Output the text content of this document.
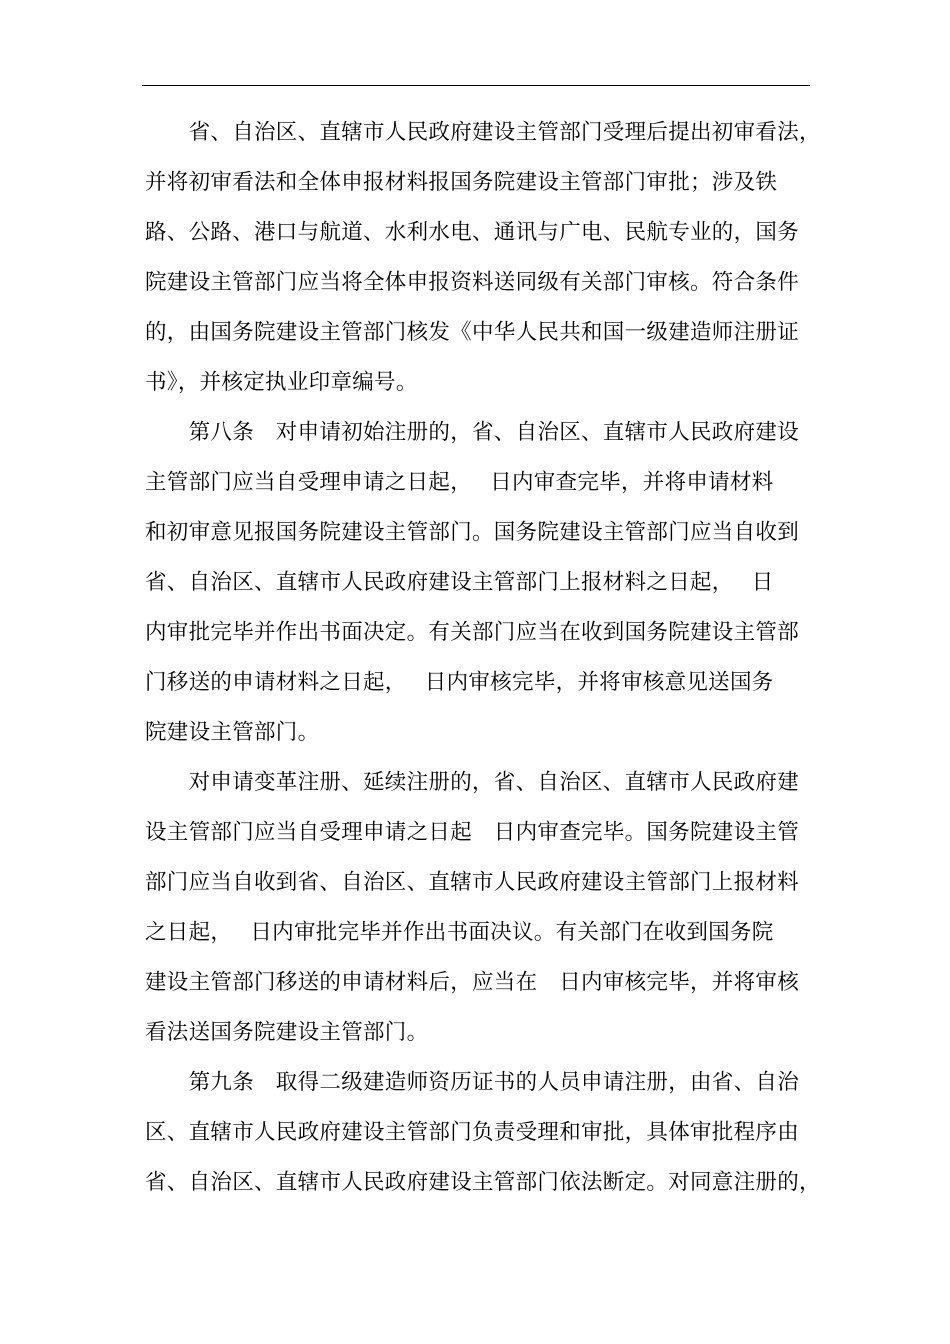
　　省、自治区、直辖市人民政府建设主管部门受理后提出初审看法，
并将初审看法和全体申报材料报国务院建设主管部门审批；涉及铁
路、公路、港口与航道、水利水电、通讯与广电、民航专业的，国务
院建设主管部门应当将全体申报资料送同级有关部门审核。符合条件
的，由国务院建设主管部门核发《中华人民共和国一级建造师注册证
书》，并核定执业印章编号。
　　第八条　对申请初始注册的，省、自治区、直辖市人民政府建设
主管部门应当自受理申请之日起，　 日内审查完毕，并将申请材料
和初审意见报国务院建设主管部门。国务院建设主管部门应当自收到
省、自治区、直辖市人民政府建设主管部门上报材料之日起，　 日
内审批完毕并作出书面决定。有关部门应当在收到国务院建设主管部
门移送的申请材料之日起，　 日内审核完毕，并将审核意见送国务
院建设主管部门。
　　对申请变革注册、延续注册的，省、自治区、直辖市人民政府建
设主管部门应当自受理申请之日起　日内审查完毕。国务院建设主管
部门应当自收到省、自治区、直辖市人民政府建设主管部门上报材料
之日起，　 日内审批完毕并作出书面决议。有关部门在收到国务院
建设主管部门移送的申请材料后，应当在　日内审核完毕，并将审核
看法送国务院建设主管部门。
　　第九条　取得二级建造师资历证书的人员申请注册，由省、自治
区、直辖市人民政府建设主管部门负责受理和审批，具体审批程序由
省、自治区、直辖市人民政府建设主管部门依法断定。对同意注册的，
